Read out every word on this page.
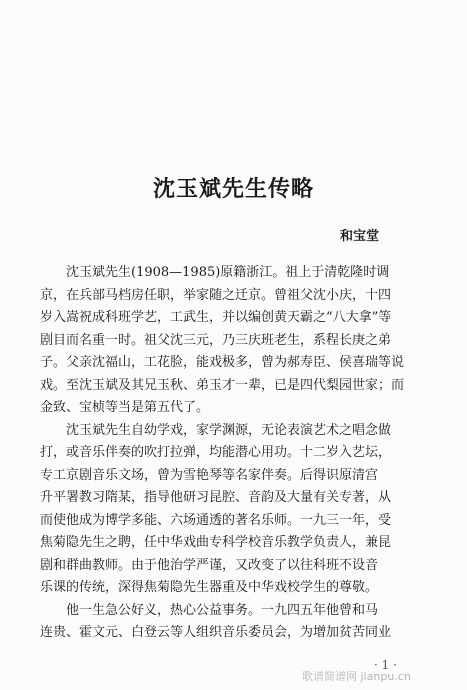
沈玉斌先生传略
和宝堂
沈玉斌先生(1908—1985)原籍浙江。祖上于清乾隆时调
京，在兵部马档房任职，举家随之迁京。曾祖父沈小庆，十四
岁入嵩祝成科班学艺，工武生，并以编创黄天霸之“八大拿”等
剧目而名重一时。祖父沈三元，乃三庆班老生，系程长庚之弟
子。父亲沈福山，工花脸，能戏极多，曾为郝寿臣、侯喜瑞等说
戏。至沈玉斌及其兄玉秋、弟玉才一辈，已是四代梨园世家；而
金致、宝桢等当是第五代了。
沈玉斌先生自幼学戏，家学渊源，无论表演艺术之唱念做
打，或音乐伴奏的吹打拉弹，均能潜心用功。十二岁入艺坛，
专工京剧音乐文场，曾为雪艳琴等名家伴奏。后得识原清宫
升平署教习隋某，指导他研习昆腔、音韵及大量有关专著，从
而使他成为博学多能、六场通透的著名乐师。一九三一年，受
焦菊隐先生之聘，任中华戏曲专科学校音乐教学负责人，兼昆
剧和群曲教师。由于他治学严谨，又改变了以往科班不设音
乐课的传统，深得焦菊隐先生器重及中华戏校学生的尊敬。
他一生急公好义，热心公益事务。一九四五年他曾和马
连贵、霍文元、白登云等人组织音乐委员会，为增加贫苦同业
· 1 ·
歌谱简谱网 jianpu.cn
